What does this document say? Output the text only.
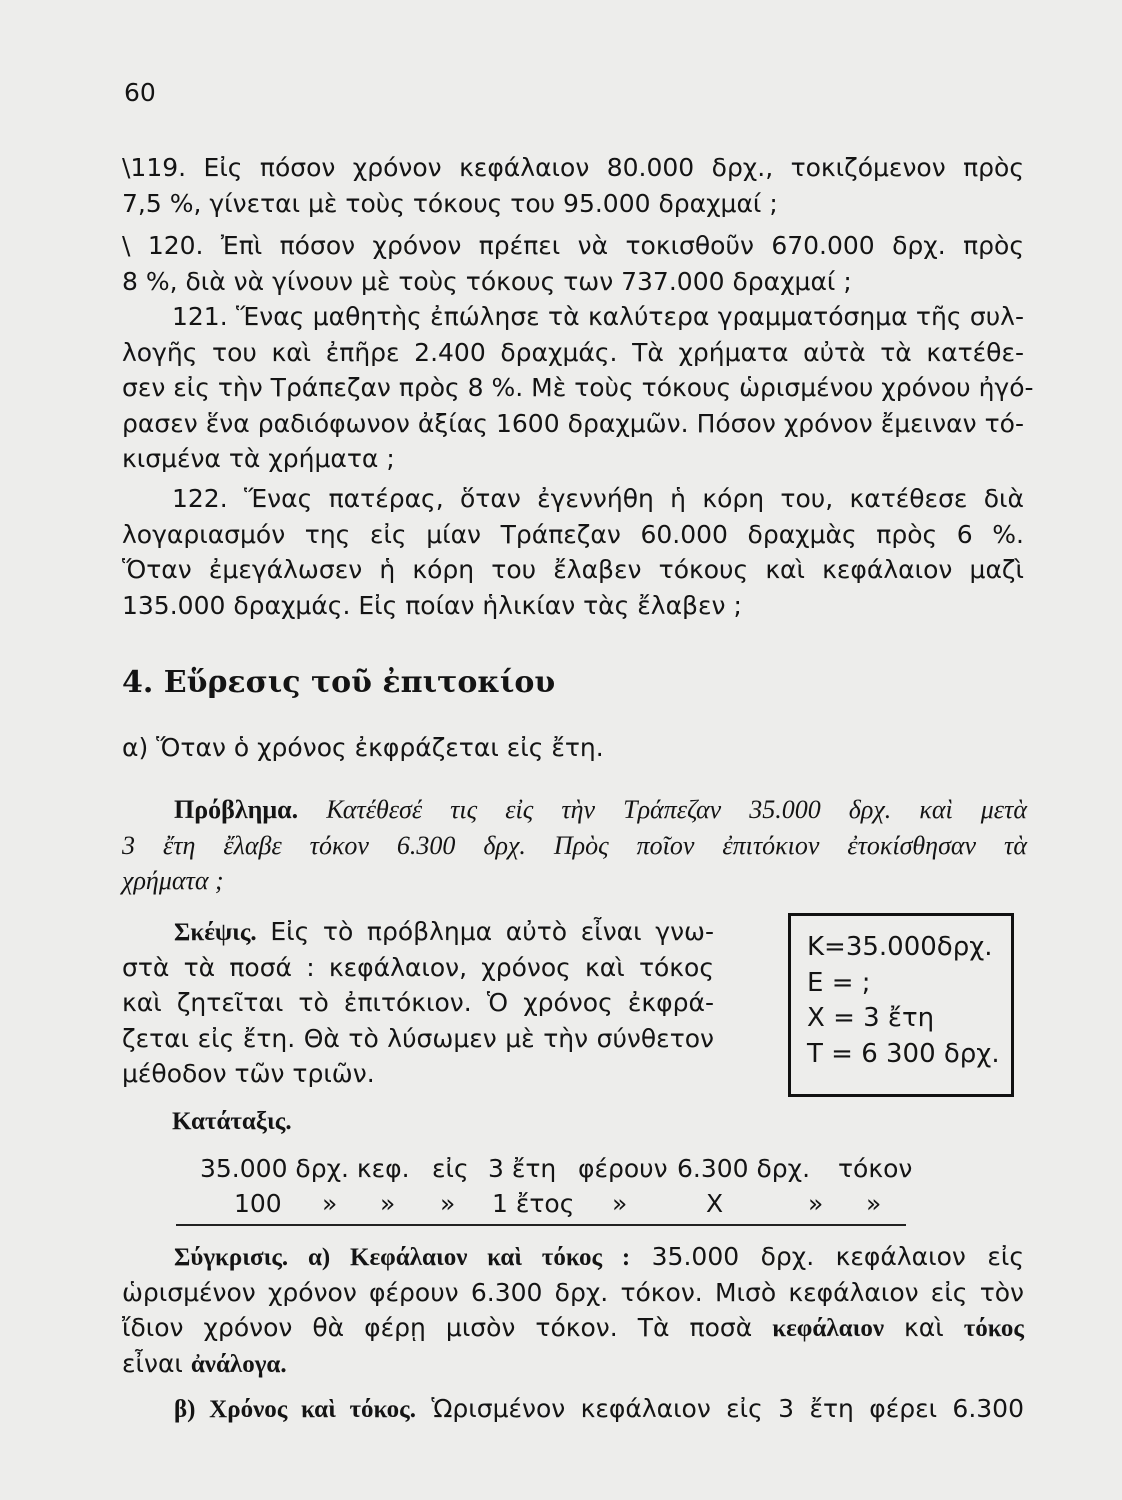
60
\119. Εἰς πόσον χρόνον κεφάλαιον 80.000 δρχ., τοκιζόμενον πρὸς
7,5 %, γίνεται μὲ τοὺς τόκους του 95.000 δραχμαί ;
\ 120. Ἐπὶ πόσον χρόνον πρέπει νὰ τοκισθοῦν 670.000 δρχ. πρὸς
8 %, διὰ νὰ γίνουν μὲ τοὺς τόκους των 737.000 δραχμαί ;
121. Ἕνας μαθητὴς ἐπώλησε τὰ καλύτερα γραμματόσημα τῆς συλ-
λογῆς του καὶ ἐπῆρε 2.400 δραχμάς. Τὰ χρήματα αὐτὰ τὰ κατέθε-
σεν εἰς τὴν Τράπεζαν πρὸς 8 %. Μὲ τοὺς τόκους ὡρισμένου χρόνου ἠγό-
ρασεν ἕνα ραδιόφωνον ἀξίας 1600 δραχμῶν. Πόσον χρόνον ἔμειναν τό-
κισμένα τὰ χρήματα ;
122. Ἕνας πατέρας, ὅταν ἐγεννήθη ἡ κόρη του, κατέθεσε διὰ
λογαριασμόν της εἰς μίαν Τράπεζαν 60.000 δραχμὰς πρὸς 6 %.
Ὅταν ἐμεγάλωσεν ἡ κόρη του ἔλαβεν τόκους καὶ κεφάλαιον μαζὶ
135.000 δραχμάς. Εἰς ποίαν ἡλικίαν τὰς ἔλαβεν ;
4. Εὕρεσις τοῦ ἐπιτοκίου
α) Ὅταν ὁ χρόνος ἐκφράζεται εἰς ἔτη.
Πρόβλημα. Κατέθεσέ τις εἰς τὴν Τράπεζαν 35.000 δρχ. καὶ μετὰ
3 ἔτη ἔλαβε τόκον 6.300 δρχ. Πρὸς ποῖον ἐπιτόκιον ἐτοκίσθησαν τὰ
χρήματα ;
Σκέψις. Εἰς τὸ πρόβλημα αὐτὸ εἶναι γνω-
στὰ τὰ ποσά : κεφάλαιον, χρόνος καὶ τόκος
καὶ ζητεῖται τὸ ἐπιτόκιον. Ὁ χρόνος ἐκφρά-
ζεται εἰς ἔτη. Θὰ τὸ λύσωμεν μὲ τὴν σύνθετον
μέθοδον τῶν τριῶν.
K=35.000δρχ.
E = ;
X = 3 ἔτη
T = 6 300 δρχ.
Κατάταξις.
35.000 δρχ. κεφ. εἰς 3 ἔτη φέρουν 6.300 δρχ. τόκον
100 » » » 1 ἔτος »	X	» »
Σύγκρισις. α) Κεφάλαιον καὶ τόκος : 35.000 δρχ. κεφάλαιον εἰς
ὡρισμένον χρόνον φέρουν 6.300 δρχ. τόκον. Μισὸ κεφάλαιον εἰς τὸν
ἴδιον χρόνον θὰ φέρῃ μισὸν τόκον. Τὰ ποσὰ κεφάλαιον καὶ τόκος
εἶναι ἀνάλογα.
β) Χρόνος καὶ τόκος. Ὡρισμένον κεφάλαιον εἰς 3 ἔτη φέρει 6.300
